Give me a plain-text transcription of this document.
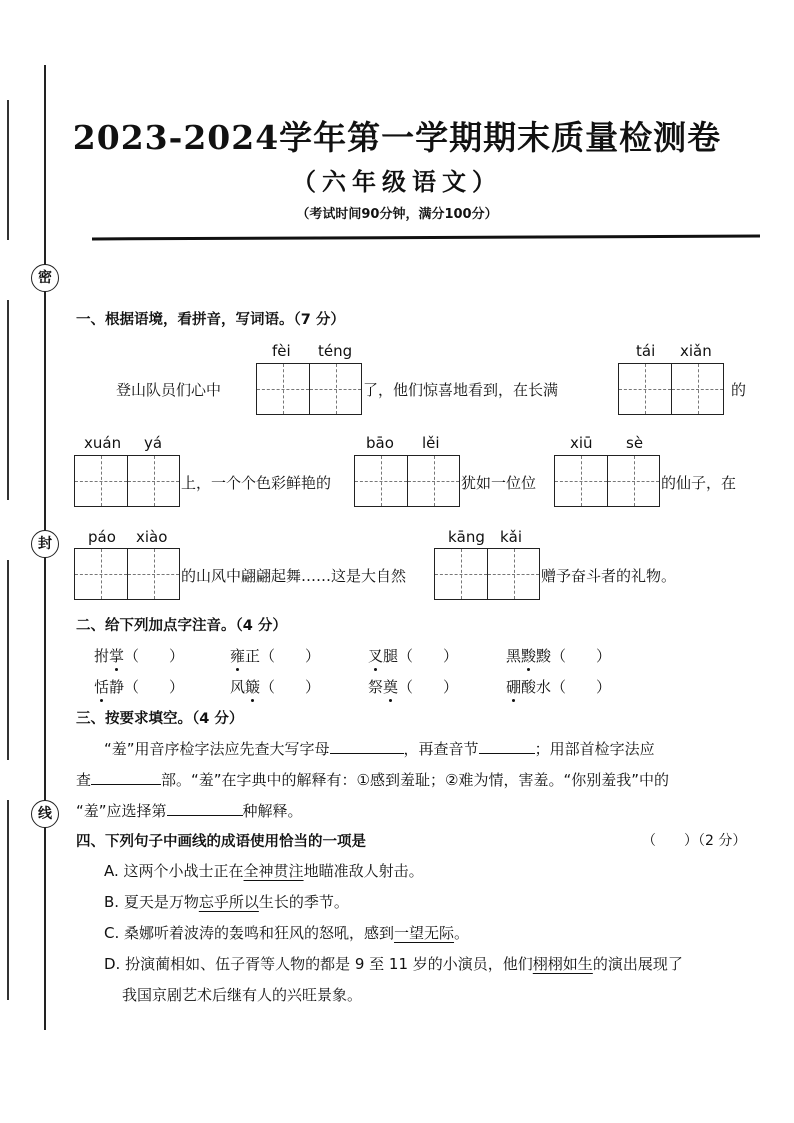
密
封
线
2023-2024学年第一学期期末质量检测卷
（六年级语文）
（考试时间90分钟，满分100分）
一、根据语境，看拼音，写词语。（7 分）
fèi téng	tái xiǎn
登山队员们心中	了，他们惊喜地看到，在长满	的
xuán yá	bāo lěi	xiū sè
上，一个个色彩鲜艳的	犹如一位位	的仙子，在
páo xiào	kāng kǎi
的山风中翩翩起舞……这是大自然	赠予奋斗者的礼物。
二、给下列加点字注音。（4 分）
拊掌（　　）	雍正（　　）	叉腿（　　）	黑黢黢（　　）
恬静（　　）	风簸（　　）	祭奠（　　）	硼酸水（　　）
三、按要求填空。（4 分）
“羞”用音序检字法应先查大写字母	，再查音节	；用部首检字法应
查	部。“羞”在字典中的解释有：①感到羞耻；②难为情，害羞。“你别羞我”中的
“羞”应选择第	种解释。
四、下列句子中画线的成语使用恰当的一项是	（　　）（2 分）
A. 这两个小战士正在全神贯注地瞄准敌人射击。
B. 夏天是万物忘乎所以生长的季节。
C. 桑娜听着波涛的轰鸣和狂风的怒吼，感到一望无际。
D. 扮演蔺相如、伍子胥等人物的都是 9 至 11 岁的小演员，他们栩栩如生的演出展现了
我国京剧艺术后继有人的兴旺景象。
